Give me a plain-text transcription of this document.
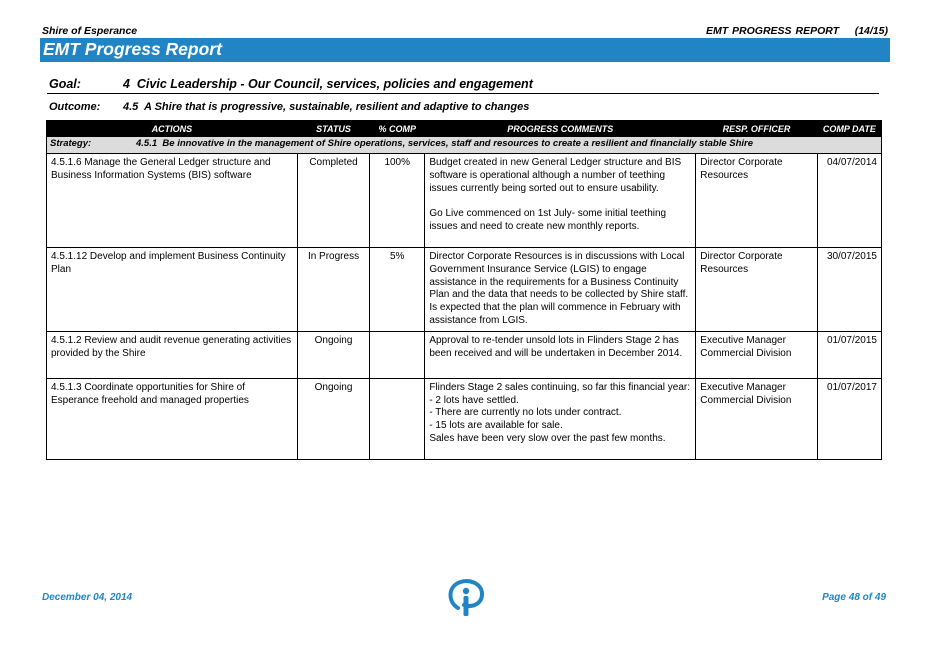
Shire of Esperance	EMT PROGRESS REPORT (14/15)
EMT Progress Report
Goal:	4  Civic Leadership - Our Council, services, policies and engagement
Outcome: 4.5  A Shire that is progressive, sustainable, resilient and adaptive to changes
ACTIONS	STATUS	% COMP	PROGRESS COMMENTS	RESP. OFFICER	COMP DATE
Strategy: 4.5.1  Be innovative in the management of Shire operations, services, staff and resources to create a resilient and financially stable Shire					
4.5.1.6 Manage the General Ledger structure and Business Information Systems (BIS) software	Completed	100%	Budget created in new General Ledger structure and BIS software is operational although a number of teething issues currently being sorted out to ensure usability.

Go Live commenced on 1st July- some initial teething issues and need to create new monthly reports.	Director Corporate Resources	04/07/2014
4.5.1.12 Develop and implement Business Continuity Plan	In Progress	5%	Director Corporate Resources is in discussions with Local Government Insurance Service (LGIS) to engage assistance in the requirements for a Business Continuity Plan and the data that needs to be collected by Shire staff. Is expected that the plan will commence in February with assistance from LGIS.	Director Corporate Resources	30/07/2015
4.5.1.2 Review and audit revenue generating activities provided by the Shire	Ongoing		Approval to re-tender unsold lots in Flinders Stage 2 has been received and will be undertaken in December 2014.	Executive Manager Commercial Division	01/07/2015
4.5.1.3 Coordinate opportunities for Shire of Esperance freehold and managed properties	Ongoing		Flinders Stage 2 sales continuing, so far this financial year:
- 2 lots have settled.
- There are currently no lots under contract.
- 15 lots are available for sale.
Sales have been very slow over the past few months.	Executive Manager Commercial Division	01/07/2017
December 04, 2014	Page 48 of 49
